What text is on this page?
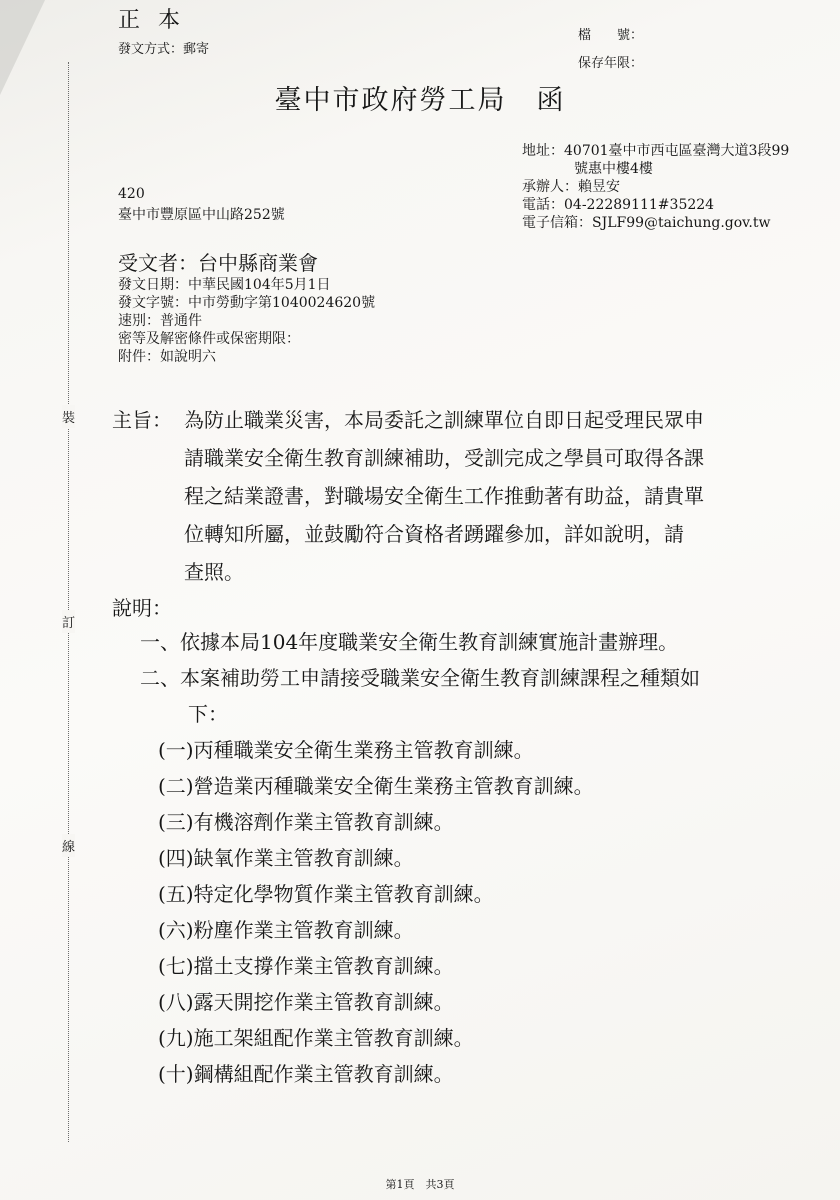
正本
發文方式：郵寄
檔　　號：
保存年限：
臺中市政府勞工局 函
地址：40701臺中市西屯區臺灣大道3段99
號惠中樓4樓
承辦人：賴昱安
電話：04-22289111#35224
電子信箱：SJLF99@taichung.gov.tw
420
臺中市豐原區中山路252號
受文者：台中縣商業會
發文日期：中華民國104年5月1日
發文字號：中市勞動字第1040024620號
速別：普通件
密等及解密條件或保密期限：
附件：如說明六
裝
訂
線
主旨： 為防止職業災害，本局委託之訓練單位自即日起受理民眾申
請職業安全衛生教育訓練補助，受訓完成之學員可取得各課
程之結業證書，對職場安全衛生工作推動著有助益，請貴單
位轉知所屬，並鼓勵符合資格者踴躍參加，詳如說明，請
查照。
說明：
一、依據本局104年度職業安全衛生教育訓練實施計畫辦理。
二、本案補助勞工申請接受職業安全衛生教育訓練課程之種類如
下：
(一)丙種職業安全衛生業務主管教育訓練。
(二)營造業丙種職業安全衛生業務主管教育訓練。
(三)有機溶劑作業主管教育訓練。
(四)缺氧作業主管教育訓練。
(五)特定化學物質作業主管教育訓練。
(六)粉塵作業主管教育訓練。
(七)擋土支撐作業主管教育訓練。
(八)露天開挖作業主管教育訓練。
(九)施工架組配作業主管教育訓練。
(十)鋼構組配作業主管教育訓練。
第1頁　共3頁
